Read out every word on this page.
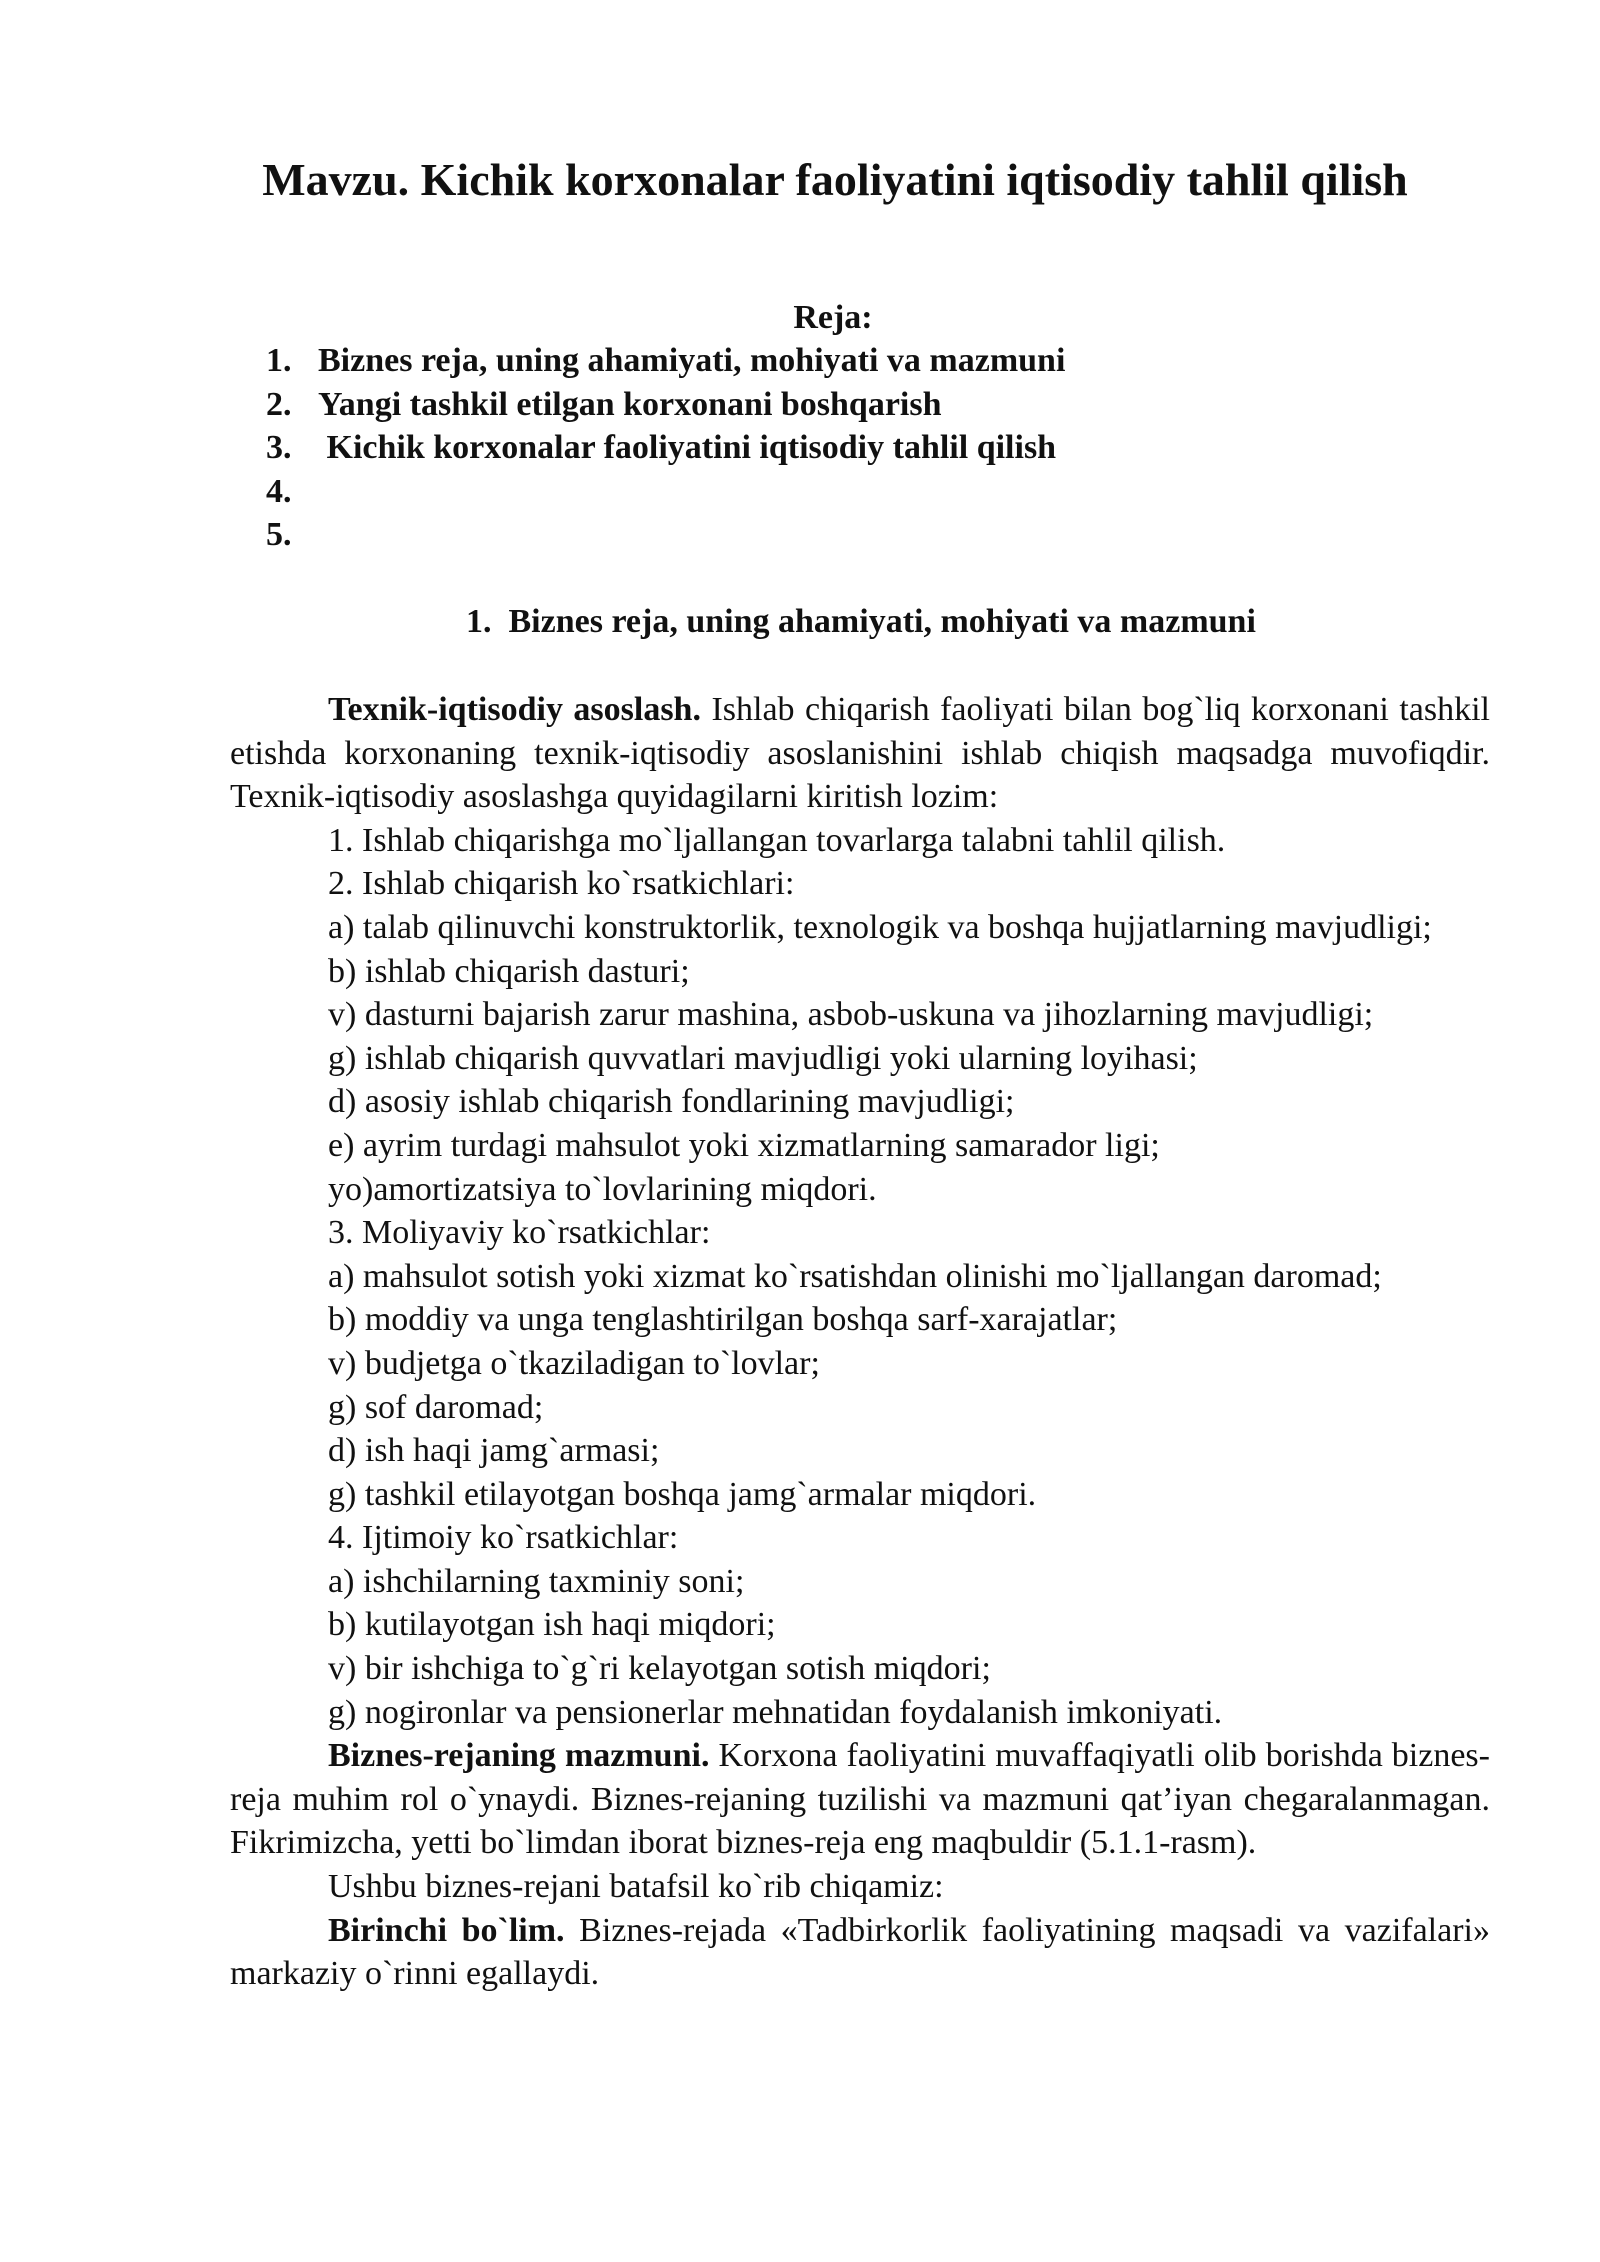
Mavzu. Kichik korxonalar faoliyatini iqtisodiy tahlil qilish
Reja:
1. Biznes reja, uning ahamiyati, mohiyati va mazmuni
2. Yangi tashkil etilgan korxonani boshqarish
3. Kichik korxonalar faoliyatini iqtisodiy tahlil qilish
4.
5.
1.  Biznes reja, uning ahamiyati, mohiyati va mazmuni

Texnik-iqtisodiy asoslash. Ishlab chiqarish faoliyati bilan bog`liq korxonani tashkil etishda korxonaning texnik-iqtisodiy asoslanishini ishlab chiqish maqsadga muvofiqdir. Texnik-iqtisodiy asoslashga quyidagilarni kiritish lozim:

1. Ishlab chiqarishga mo`ljallangan tovarlarga talabni tahlil qilish.

2. Ishlab chiqarish ko`rsatkichlari:

a) talab qilinuvchi konstruktorlik, texnologik va boshqa hujjatlarning mavjudligi;

b) ishlab chiqarish dasturi;

v) dasturni bajarish zarur mashina, asbob-uskuna va jihozlarning mavjudligi;

g) ishlab chiqarish quvvatlari mavjudligi yoki ularning loyihasi;

d) asosiy ishlab chiqarish fondlarining mavjudligi;

e) ayrim turdagi mahsulot yoki xizmatlarning samarador ligi;

yo)amortizatsiya to`lovlarining miqdori.

3. Moliyaviy ko`rsatkichlar:

a) mahsulot sotish yoki xizmat ko`rsatishdan olinishi mo`ljallangan daromad;

b) moddiy va unga tenglashtirilgan boshqa sarf-xarajatlar;

v) budjetga o`tkaziladigan to`lovlar;

g) sof daromad;

d) ish haqi jamg`armasi;

g) tashkil etilayotgan boshqa jamg`armalar miqdori.

4. Ijtimoiy ko`rsatkichlar:

a) ishchilarning taxminiy soni;

b) kutilayotgan ish haqi miqdori;

v) bir ishchiga to`g`ri kelayotgan sotish miqdori;

g) nogironlar va pensionerlar mehnatidan foydalanish imkoniyati.

Biznes-rejaning mazmuni. Korxona faoliyatini muvaffaqiyatli olib borishda biznes-reja muhim rol o`ynaydi. Biznes-rejaning tuzilishi va mazmuni qat’iyan chegaralanmagan. Fikrimizcha, yetti bo`limdan iborat biznes-reja eng maqbuldir (5.1.1-rasm).

Ushbu biznes-rejani batafsil ko`rib chiqamiz:

Birinchi bo`lim. Biznes-rejada «Tadbirkorlik faoliyatining maqsadi va vazifalari» markaziy o`rinni egallaydi.
